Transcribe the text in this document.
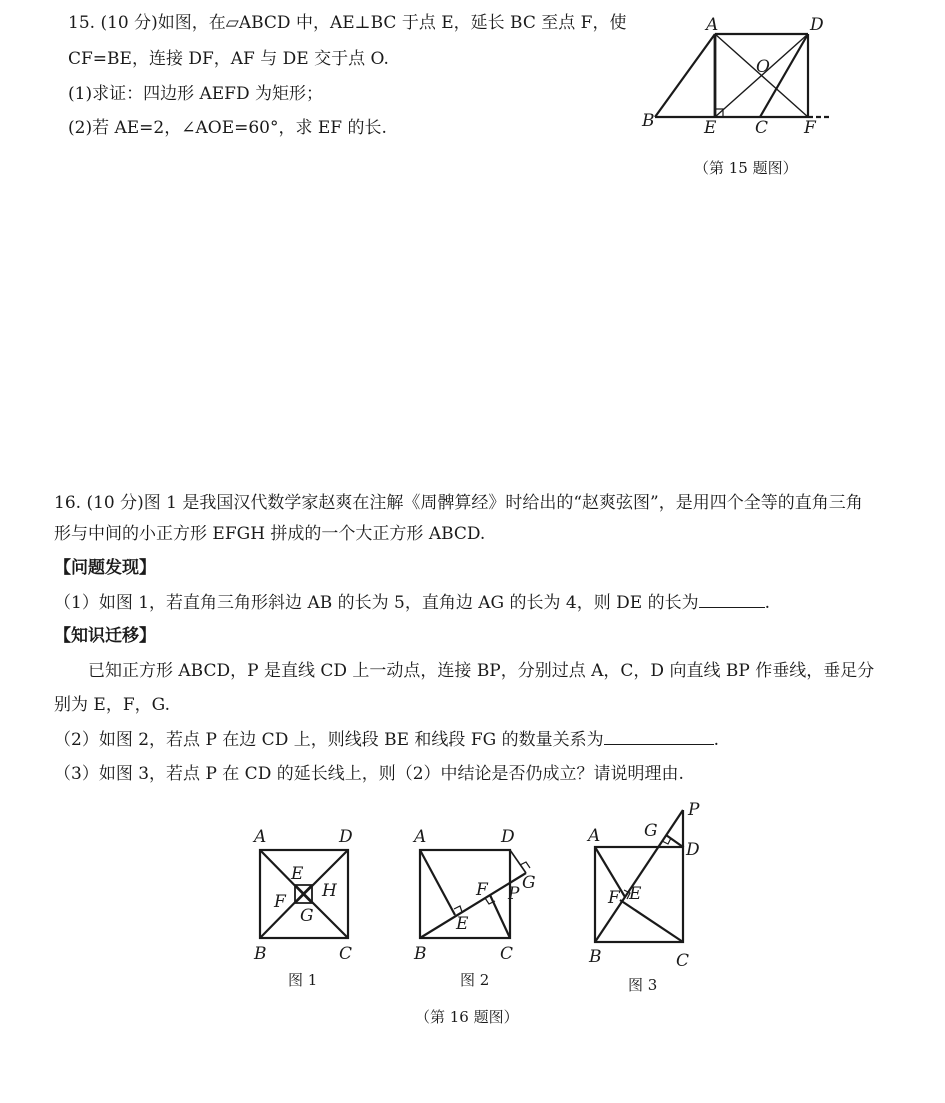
15. (10 分)如图，在▱ABCD 中，AE⊥BC 于点 E，延长 BC 至点 F，使
CF=BE，连接 DF，AF 与 DE 交于点 O.
(1)求证：四边形 AEFD 为矩形；
(2)若 AE=2，∠AOE=60°，求 EF 的长.
A	D
O
B	E C F
（第 15 题图）
16. (10 分)图 1 是我国汉代数学家赵爽在注解《周髀算经》时给出的“赵爽弦图”，是用四个全等的直角三角
形与中间的小正方形 EFGH 拼成的一个大正方形 ABCD.
【问题发现】
（1）如图 1，若直角三角形斜边 AB 的长为 5，直角边 AG 的长为 4，则 DE 的长为	.
【知识迁移】
已知正方形 ABCD，P 是直线 CD 上一动点，连接 BP，分别过点 A，C，D 向直线 BP 作垂线，垂足分
别为 E，F，G.
（2）如图 2，若点 P 在边 CD 上，则线段 BE 和线段 FG 的数量关系为	.
（3）如图 3，若点 P 在 CD 的延长线上，则（2）中结论是否仍成立？请说明理由.
A	D
B	C
E
F
G
H
图 1
A	D
B	C
E
F P
G
图 2
P
G
A
D
F E
B	C
图 3
（第 16 题图）
